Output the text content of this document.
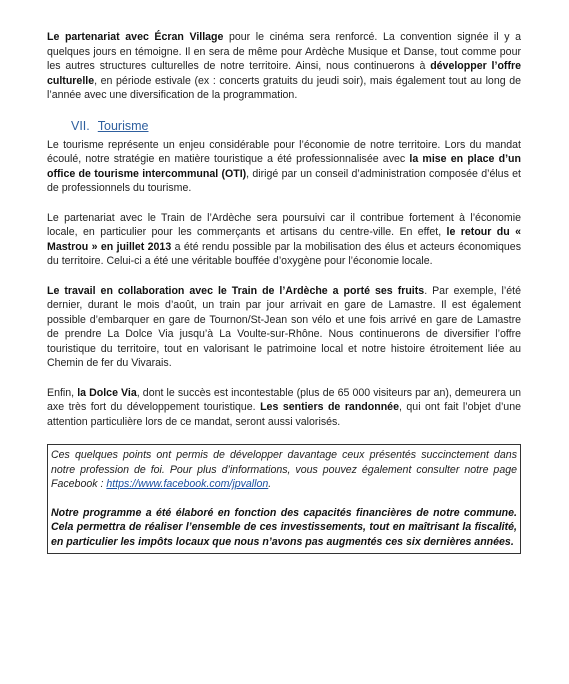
Le partenariat avec Écran Village pour le cinéma sera renforcé. La convention signée il y a quelques jours en témoigne. Il en sera de même pour Ardèche Musique et Danse, tout comme pour les autres structures culturelles de notre territoire. Ainsi, nous continuerons à développer l’offre culturelle, en période estivale (ex : concerts gratuits du jeudi soir), mais également tout au long de l’année avec une diversification de la programmation.

VII. Tourisme

Le tourisme représente un enjeu considérable pour l’économie de notre territoire. Lors du mandat écoulé, notre stratégie en matière touristique a été professionnalisée avec la mise en place d’un office de tourisme intercommunal (OTI), dirigé par un conseil d’administration composée d’élus et de professionnels du tourisme.

Le partenariat avec le Train de l’Ardèche sera poursuivi car il contribue fortement à l’économie locale, en particulier pour les commerçants et artisans du centre-ville. En effet, le retour du « Mastrou » en juillet 2013 a été rendu possible par la mobilisation des élus et acteurs économiques du territoire. Celui-ci a été une véritable bouffée d’oxygène pour l’économie locale.

Le travail en collaboration avec le Train de l’Ardèche a porté ses fruits. Par exemple, l’été dernier, durant le mois d’août, un train par jour arrivait en gare de Lamastre. Il est également possible d’embarquer en gare de Tournon/St-Jean son vélo et une fois arrivé en gare de Lamastre de prendre La Dolce Via jusqu’à La Voulte-sur-Rhône. Nous continuerons de diversifier l’offre touristique du territoire, tout en valorisant le patrimoine local et notre histoire étroitement liée au Chemin de fer du Vivarais.

Enfin, la Dolce Via, dont le succès est incontestable (plus de 65 000 visiteurs par an), demeurera un axe très fort du développement touristique. Les sentiers de randonnée, qui ont fait l’objet d’une attention particulière lors de ce mandat, seront aussi valorisés.

Ces quelques points ont permis de développer davantage ceux présentés succinctement dans notre profession de foi. Pour plus d’informations, vous pouvez également consulter notre page Facebook : https://www.facebook.com/jpvallon.

Notre programme a été élaboré en fonction des capacités financières de notre commune. Cela permettra de réaliser l’ensemble de ces investissements, tout en maîtrisant la fiscalité, en particulier les impôts locaux que nous n’avons pas augmentés ces six dernières années.
